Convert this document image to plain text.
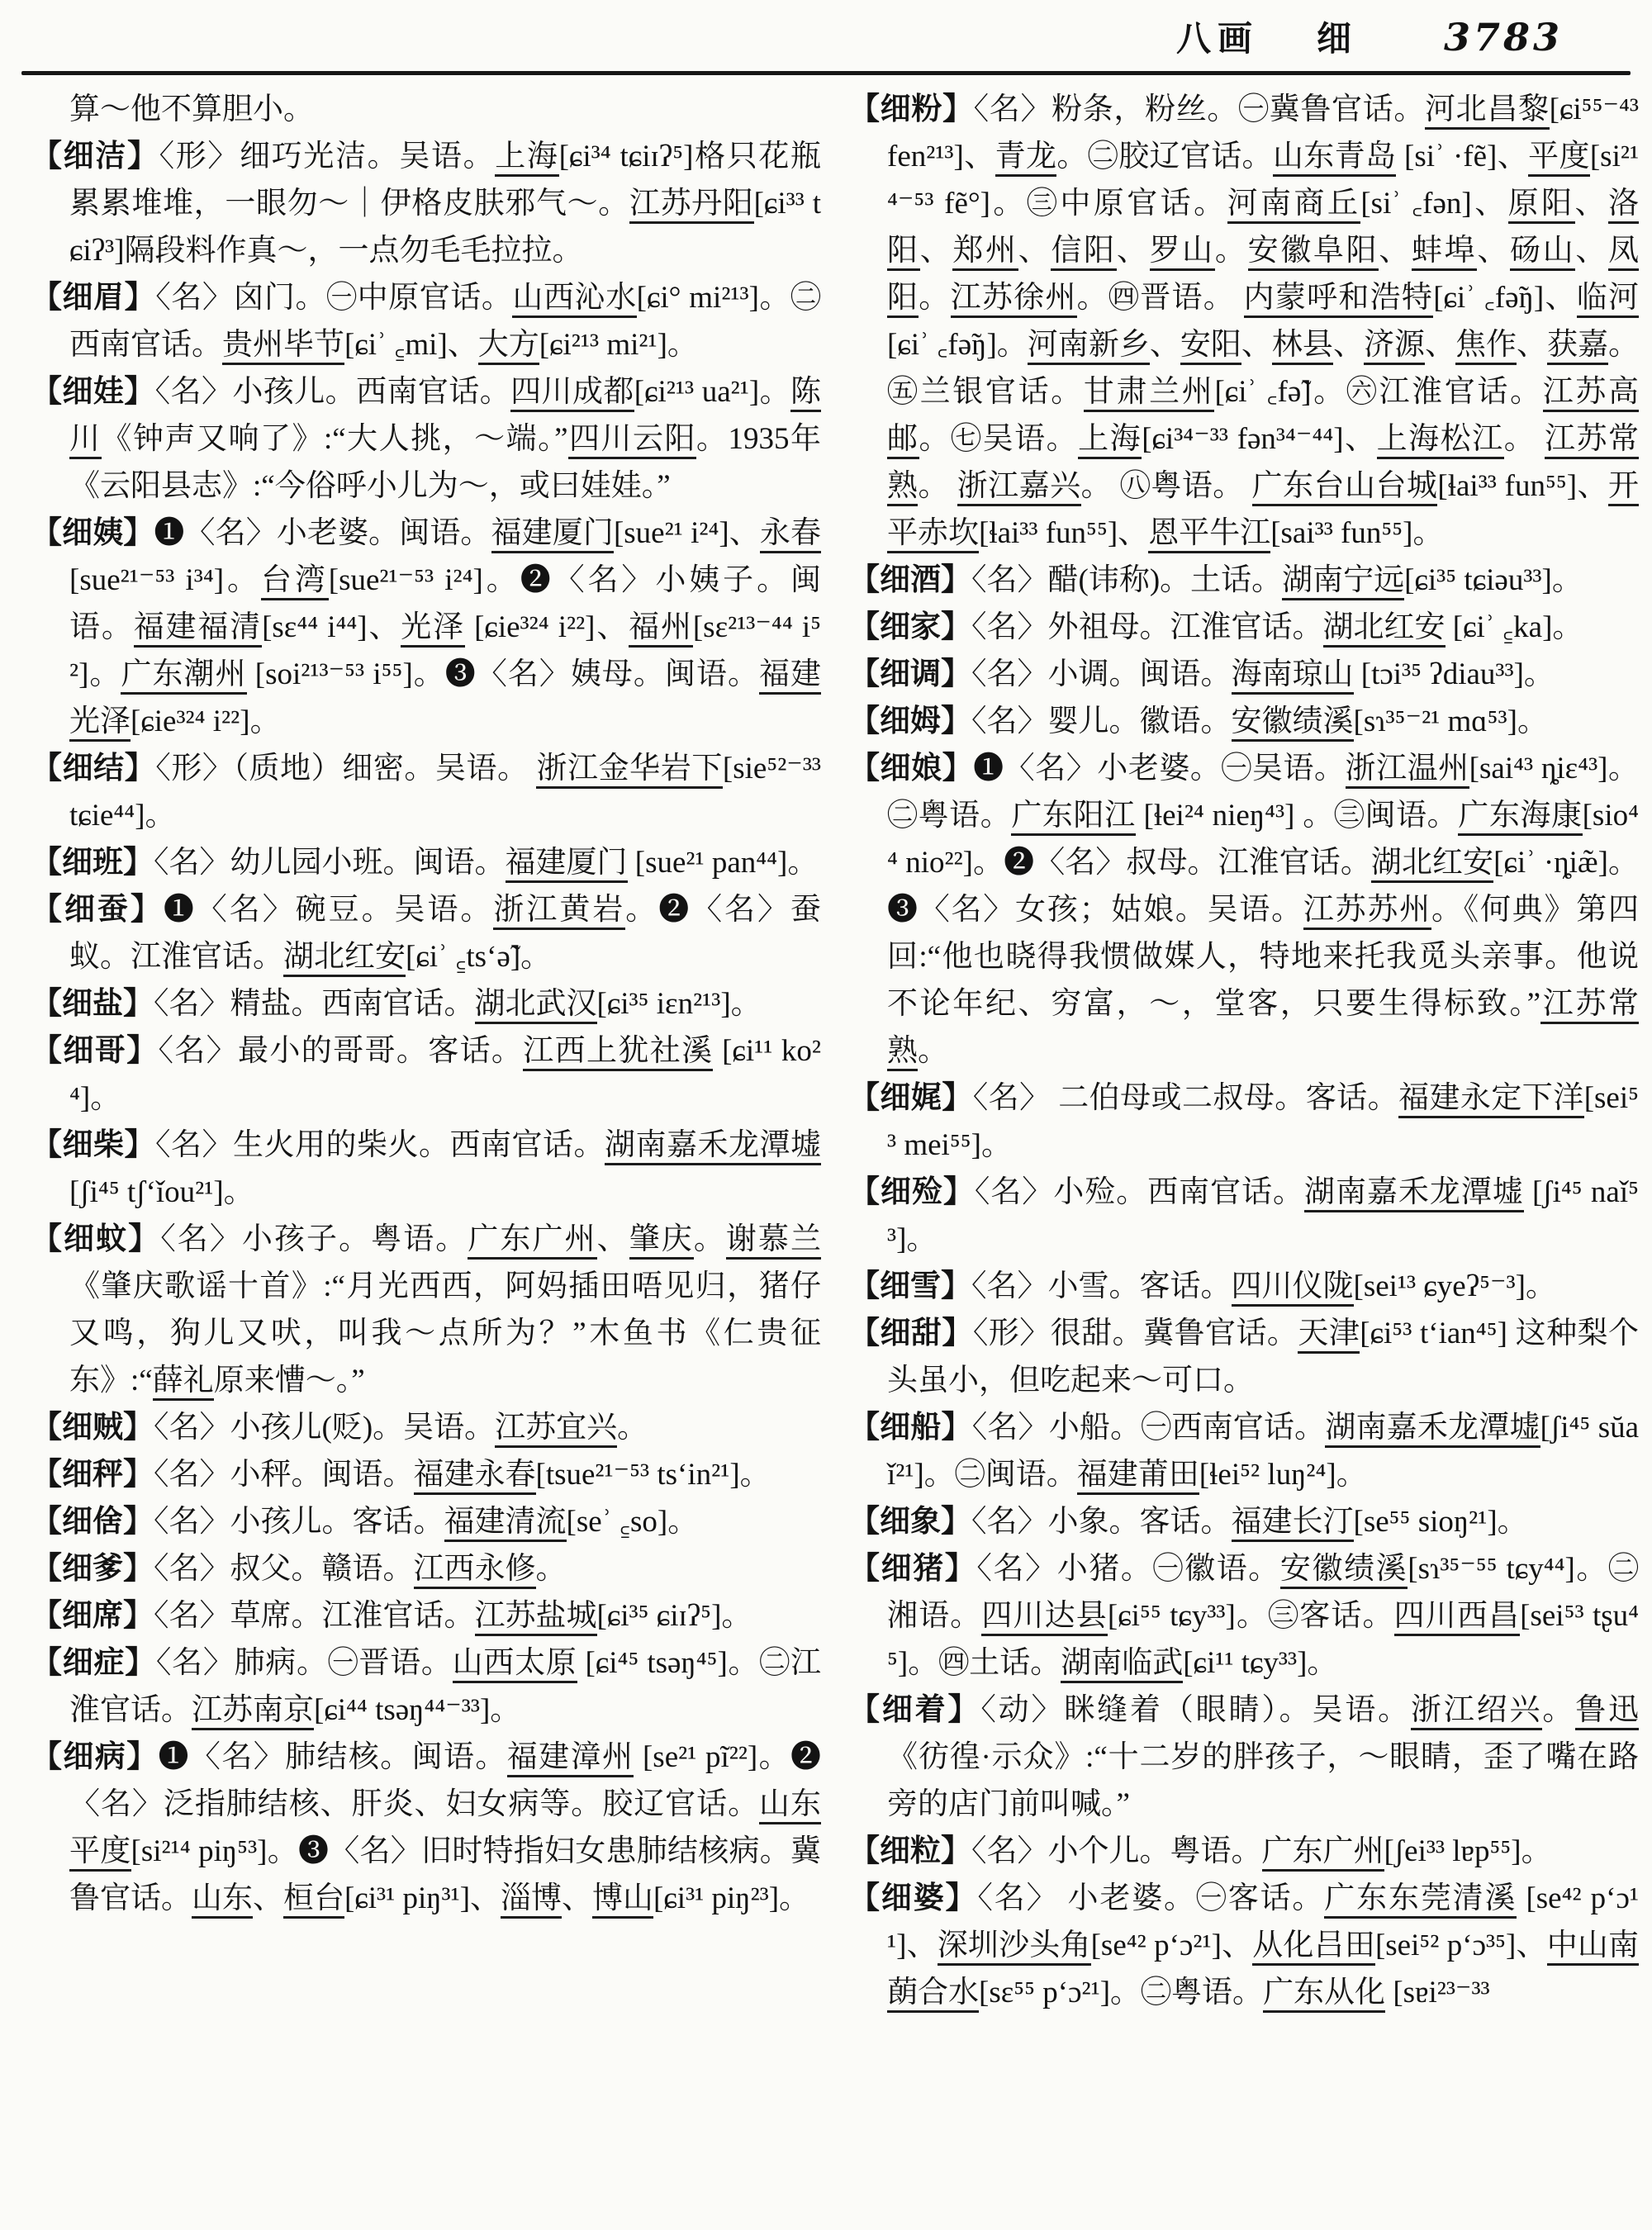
八画 细 3783

算～他不算胆小。

【细洁】〈形〉细巧光洁。吴语。上海[ɕi³⁴ tɕiɪʔ⁵]格只花瓶累累堆堆，一眼勿～｜伊格皮肤邪气～。江苏丹阳[ɕi³³ tɕiʔ³]隔段料作真～，一点勿毛毛拉拉。

【细眉】〈名〉囟门。㊀中原官话。山西沁水[ɕi° mi²¹³]。㊁西南官话。贵州毕节[ɕiʾ ꜁mi]、大方[ɕi²¹³ mi²¹]。

【细娃】〈名〉小孩儿。西南官话。四川成都[ɕi²¹³ ua²¹]。陈川《钟声又响了》:“大人挑，～端。”四川云阳。1935年 《云阳县志》:“今俗呼小儿为～，或曰娃娃。”

【细姨】❶〈名〉小老婆。闽语。福建厦门[sue²¹ i²⁴]、永春[sue²¹⁻⁵³ i³⁴]。台湾[sue²¹⁻⁵³ i²⁴]。❷〈名〉小姨子。闽语。福建福清[sɛ⁴⁴ i⁴⁴]、光泽 [ɕie³²⁴ i²²]、福州[sɛ²¹³⁻⁴⁴ i⁵²]。广东潮州 [soi²¹³⁻⁵³ i⁵⁵]。❸〈名〉姨母。闽语。福建光泽[ɕie³²⁴ i²²]。

【细结】〈形〉（质地）细密。吴语。 浙江金华岩下[sie⁵²⁻³³ tɕie⁴⁴]。

【细班】〈名〉幼儿园小班。闽语。福建厦门 [sue²¹ pan⁴⁴]。

【细蚕】❶〈名〉碗豆。吴语。浙江黄岩。❷〈名〉蚕蚁。江淮官话。湖北红安[ɕiʾ ꜁tsʻə̃]。

【细盐】〈名〉精盐。西南官话。湖北武汉[ɕi³⁵ iɛn²¹³]。

【细哥】〈名〉最小的哥哥。客话。江西上犹社溪 [ɕi¹¹ ko²⁴]。

【细柴】〈名〉生火用的柴火。西南官话。湖南嘉禾龙潭墟[ʃi⁴⁵ tʃʻǐou²¹]。

【细蚊】〈名〉小孩子。粤语。广东广州、肇庆。谢慕兰《肇庆歌谣十首》:“月光西西，阿妈插田唔见归，猪仔又鸣，狗儿又吠，叫我～点所为？”木鱼书《仁贵征东》:“薛礼原来慒～。”

【细贼】〈名〉小孩儿(贬)。吴语。江苏宜兴。

【细秤】〈名〉小秤。闽语。福建永春[tsue²¹⁻⁵³ tsʻin²¹]。

【细倽】〈名〉小孩儿。客话。福建清流[seʾ ꜁so]。

【细爹】〈名〉叔父。赣语。江西永修。

【细席】〈名〉草席。江淮官话。江苏盐城[ɕi³⁵ ɕiɪʔ⁵]。

【细症】〈名〉肺病。㊀晋语。山西太原 [ɕi⁴⁵ tsəŋ⁴⁵]。㊁江淮官话。江苏南京[ɕi⁴⁴ tsəŋ⁴⁴⁻³³]。

【细病】❶〈名〉肺结核。闽语。福建漳州 [se²¹ pĩ²²]。❷〈名〉泛指肺结核、肝炎、妇女病等。胶辽官话。山东平度[si²¹⁴ piŋ⁵³]。❸〈名〉旧时特指妇女患肺结核病。冀鲁官话。山东、桓台[ɕi³¹ piŋ³¹]、淄博、博山[ɕi³¹ piŋ²³]。

【细粉】〈名〉粉条，粉丝。㊀冀鲁官话。河北昌黎[ɕi⁵⁵⁻⁴³ fen²¹³]、青龙。㊁胶辽官话。山东青岛 [siʾ ·fẽ]、平度[si²¹⁴⁻⁵³ fẽ°]。㊂中原官话。河南商丘[siʾ ꜀fən]、原阳、洛阳、郑州、信阳、罗山。安徽阜阳、蚌埠、砀山、凤阳。江苏徐州。㊃晋语。 内蒙呼和浩特[ɕiʾ ꜀fə̃ŋ]、临河 [ɕiʾ ꜀fə̃ŋ]。河南新乡、安阳、林县、济源、焦作、获嘉。㊄兰银官话。甘肃兰州[ɕiʾ ꜀fə̃]。㊅江淮官话。江苏高邮。㊆吴语。上海[ɕi³⁴⁻³³ fən³⁴⁻⁴⁴]、上海松江。 江苏常熟。 浙江嘉兴。 ㊇粤语。 广东台山台城[ɬai³³ fun⁵⁵]、开平赤坎[ɬai³³ fun⁵⁵]、恩平牛江[sai³³ fun⁵⁵]。

【细酒】〈名〉醋(讳称)。土话。湖南宁远[ɕi³⁵ tɕiəu³³]。

【细家】〈名〉外祖母。江淮官话。湖北红安 [ɕiʾ ꜁ka]。

【细调】〈名〉小调。闽语。海南琼山 [tɔi³⁵ ʔdiau³³]。

【细姆】〈名〉婴儿。徽语。安徽绩溪[sɿ³⁵⁻²¹ mɑ⁵³]。

【细娘】❶〈名〉小老婆。㊀吴语。浙江温州[sai⁴³ ȵiɛ⁴³]。㊁粤语。广东阳江 [ɬei²⁴ nieŋ⁴³] 。㊂闽语。广东海康[sio⁴⁴ nio²²]。❷〈名〉叔母。江淮官话。湖北红安[ɕiʾ ·ȵiæ̃]。❸〈名〉女孩；姑娘。吴语。江苏苏州。《何典》第四回:“他也晓得我惯做媒人，特地来托我觅头亲事。他说不论年纪、穷富，～，堂客，只要生得标致。”江苏常熟。

【细娓】〈名〉 二伯母或二叔母。客话。福建永定下洋[sei⁵³ mei⁵⁵]。

【细殓】〈名〉小殓。西南官话。湖南嘉禾龙潭墟 [ʃi⁴⁵ naǐ⁵³]。

【细雪】〈名〉小雪。客话。四川仪陇[sei¹³ ɕyeʔ⁵⁻³]。

【细甜】〈形〉很甜。冀鲁官话。天津[ɕi⁵³ tʻian⁴⁵] 这种梨个头虽小，但吃起来～可口。

【细船】〈名〉小船。㊀西南官话。湖南嘉禾龙潭墟[ʃi⁴⁵ sŭaǐ²¹]。㊁闽语。福建莆田[ɬei⁵² luŋ²⁴]。

【细象】〈名〉小象。客话。福建长汀[se⁵⁵ sioŋ²¹]。

【细猪】〈名〉小猪。㊀徽语。安徽绩溪[sɿ³⁵⁻⁵⁵ tɕy⁴⁴]。㊁湘语。四川达县[ɕi⁵⁵ tɕy³³]。㊂客话。四川西昌[sei⁵³ tʂu⁴⁵]。㊃土话。湖南临武[ɕi¹¹ tɕy³³]。

【细着】〈动〉眯缝着（眼睛）。吴语。浙江绍兴。鲁迅《彷徨·示众》:“十二岁的胖孩子，～眼睛，歪了嘴在路旁的店门前叫喊。”

【细粒】〈名〉小个儿。粤语。广东广州[ʃei³³ lɐp⁵⁵]。

【细婆】〈名〉 小老婆。㊀客话。广东东莞清溪 [se⁴² pʻɔ¹¹]、深圳沙头角[se⁴² pʻɔ²¹]、从化吕田[sei⁵² pʻɔ³⁵]、中山南蓢合水[sɛ⁵⁵ pʻɔ²¹]。㊁粤语。广东从化 [sɐi²³⁻³³
